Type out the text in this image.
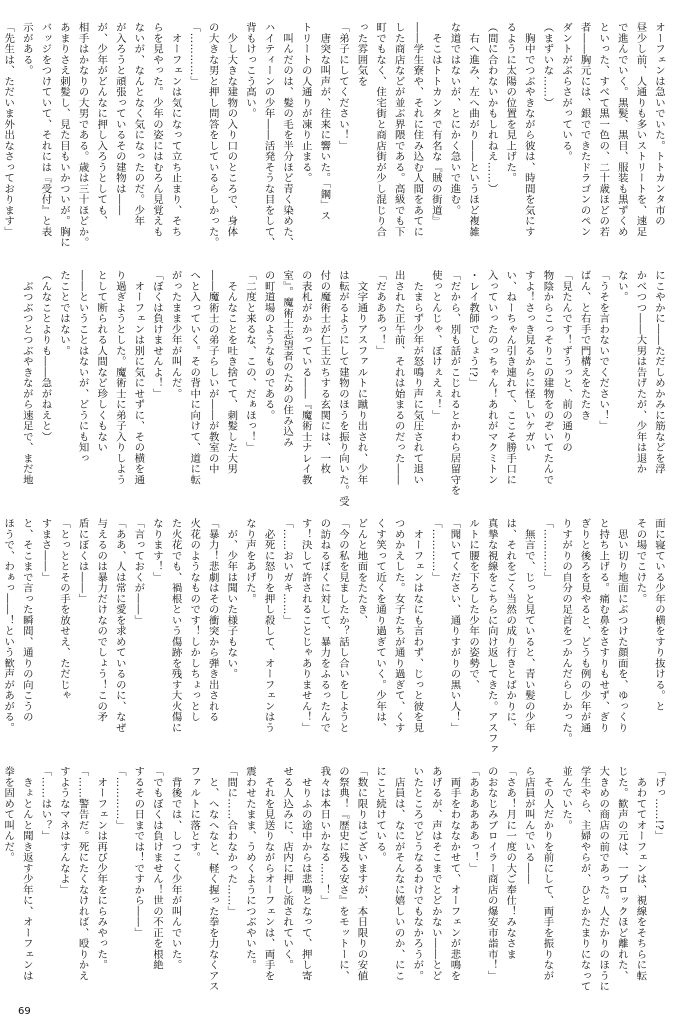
オーフェンは急いでいた。トトカンタ市の
昼少し前、人通りも多いストリートを、速足
で進んでいく。黒髪、黒目、服装も黒ずくめ
といった、すべて黒一色の、二十歳ほどの若
者――胸元には、銀でできたドラゴンのペン
ダントがぶらさがっている。
（まずいな……）
　胸中でつぶやきながら彼は、時間を気にす
るように太陽の位置を見上げた。
（間に合わないかもしれねえ……）
　右へ進み、左へ曲がり――というほど複雑
な道ではないが、とにかく急いで進む。
　そこはトトカンタで有名な『賊の街道』
――学生寮や、それに住み込む人間をあてに
した商店などが並ぶ界隈である。高級でも下
町でもなく、住宅街と商店街が少し混じり合
った雰囲気を
「弟子にしてください！」
　唐突な叫声が、往来に響いた。「鋼」ス
トリートの人通りが凍り止まる。
　叫んだのは、髪の毛を半分ほど青く染めた、
ハイティーンの少年――活発そうな目をして、
背もけっこう高い。
　少し大きな建物の入り口のところで、身体
の大きな男と押し問答をしているらしかった。
「…………」
　オーフェンは気になって立ち止まり、そち
らを見やった。少年の姿にはむろん見覚えも
ないが、なんとなく気になったのだ。少年
が入ろうと頑張っているその建物は――
が、少年がどんなに押し入ろうとしても、
相手はかなりの大男である。歳は三十ほどか。
あまりさえ刺髪し、見た目もいかついが。胸に
バッジをつけていて、それには『受付』と表
示がある。
「先生は、ただいま外出なさっております」
にこやかに――ただしめかみに筋などを浮
かべつつ――大男は告げたが、少年は退か
ない。
「うそを言わないでください！」
ばん、と右手で門構えをたたき
「見たんです！ずうっと、前の通りの
物陰からこっそりこの建物をのぞいてたんで
すよ！さっき見るからに怪しいケガい
い、ねーちゃん引き連れて、ここそ勝手口に
入っていったのっちゃん！あれがマクミトン
・レイ教師でしょう!?」
「だから、別も話がこじれるとかわら居留守を
使っとんじゃ、ぼけぇえぇ！」
　たまらず少年が怒鳴り声に気圧されて退い
出された正午前、それは始まるのだった――
「だあああっ！」
　文字通りアスファルトに蹴り出され、少年
は転がるようにして建物のほうを振り向いた。受
付の魔術士が仁王立ちする玄関には、一枚
の表札がかかっている――『魔術士ナレイ教
室』。魔術士志望者のための住み込み
の町道場のようなものである。
「二度と来るな、この、だぁほっ！」
　そんなことを吐き捨てて、刺髪した大男
――魔術士の弟子らしいが――が教室の中
へと入っていく。その背中に向けて、道に転
がったまま少年が叫んだ。
「ぼくは負けませんよ！」
　オーフェンは別に気にせずに、その横を通
り過ぎようとした。魔術士に弟子入りしよう
として断られる人間など珍しくもない
――ということはないが、どうにも知っ
たことではない。
（んなことよりも――急がねえと）
　ぶつぶつとつぶやきながら速足で、まだ地
面に寝ている少年の横をすり抜ける。と
その場でこけた。
　思い切り地面にぶつけた顔面を、ゆっくり
と持ち上げる。痛む鼻をさすりもせず、ぎり
ぎりと後ろを見やると、どうも例の少年が通
りすがりの自分の足首をつかんだらしかった。
「…………」
　無言で、じっと見ていると、青い髪の少年
は、それをごく当然の成り行きとばかりに、
真摯な視線をこちらに向け返してきた。アスファ
ルトに腰を下ろした少年の姿勢で、
「聞いてください、通りすがりの黒い人！」
「…………」
　オーフェンはなにも言わず、じっと彼を見
つめかえした。女子たちが通り過ぎて、くす
くす笑って近くを通り過ぎていく。少年は、
どんと地面をたたき、
「今の私を見ましたか？話し合いをしようと
の訪ねるぼくに対して、暴力をふるったんで
す！決して許されることじゃありません！」
「……おいガキ……」
　必死に怒りを押し殺して、オーフェンはう
なり声をあげた。
　が、少年は聞いた様子もない。
「暴力！悲劇はその衝突から弾き出される
火花のようなものです！しかしちょっとし
た火花でも、禍根という傷跡を残す大火傷に
なります！」
「言っておくが――」
「ああ、人は常に愛を求めているのに、なぜ
与えるのは暴力だけなのでしょう！この矛
盾にぼくは――」
「とっととその手を放せえ、ただじゃ
すまさ――」
と、そこまで言った瞬間、通りの向こうの
ほうで、わぁっ――！という歓声があがる。
「げっ……!?」
　あわててオーフェンは、視線をそちらに転
じた。歓声の元は、一ブロックほど離れた、
大きめの商店の前であった。人だかりのほうに
学生やら、主婦やらが、ひとかたまりになって
並んでいた。
　その人だかりを前にして、両手を振りなが
ら店員が叫んでいる――
「さあ！月に一度の大ご奉仕！みなさま
のおなじみブロイラー商店の爆安市詣市！」
「ああああああっ！」
　両手をわななかせて、オーフェンが悲鳴を
あげるが、声はそこまでとどかない――とど
いたところでどうなるわけでもなかろうが。
　店員は、なにがそんなに嬉しいのか、にこ
にこと続けている。
「数に限りはございますが、本日限りの安値
の祭典！『歴史に残る安さ』をモットーに、
我々は本日いかなる……！」
　せりふの途中からは悲鳴となって、押し寄
せる人込みに、店内に押し流されていく。
　それを見送りながらオーフェンは、両手を
震わせたまま、うめくようにつぶやいた。
「間に……合わなかった……」
　と、へなへなと、軽く握った拳を力なくアス
ファルトに落とす。
　背後では、しつこく少年が叫んでいた。
「でもぼくは負けません！世の不正を根絶
するその日までは！ですから――」
「…………」
　オーフェンは再び少年をにらみやった。
「……警告だ。死にたくなければ、殴りかえ
すようなマネはすんなよ」
「……はい？」
　きょとんと聞き返す少年に、オーフェンは
拳を固めて叫んだ。
69
